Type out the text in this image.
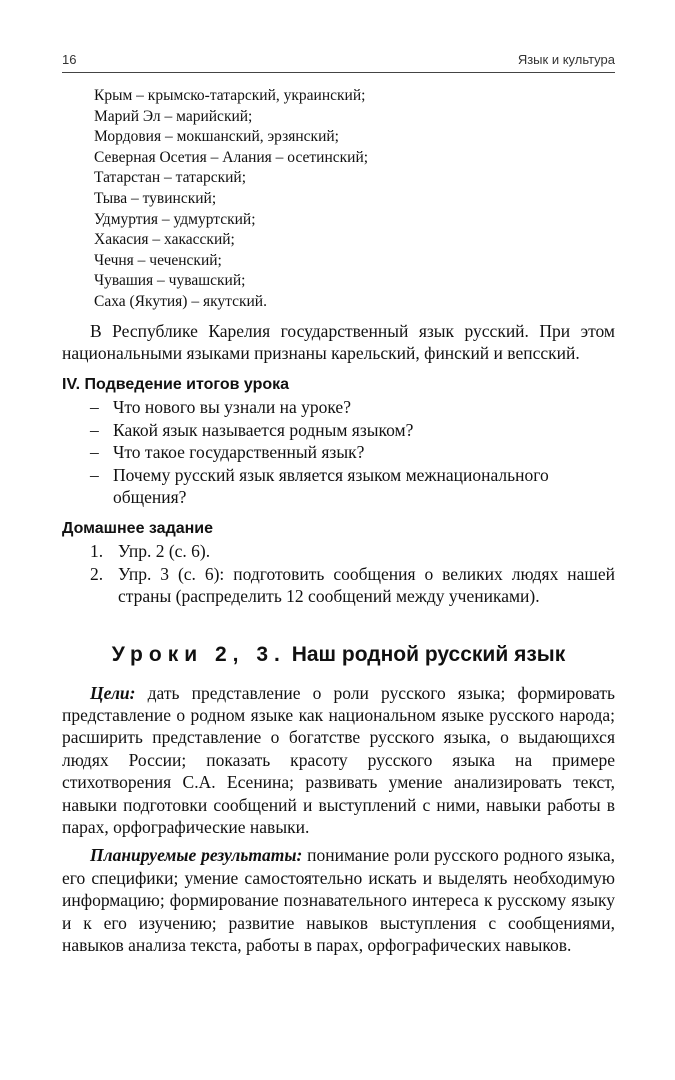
16	Язык и культура
Крым – крымско-татарский, украинский;
Марий Эл – марийский;
Мордовия – мокшанский, эрзянский;
Северная Осетия – Алания – осетинский;
Татарстан – татарский;
Тыва – тувинский;
Удмуртия – удмуртский;
Хакасия – хакасский;
Чечня – чеченский;
Чувашия – чувашский;
Саха (Якутия) – якутский.

В Республике Карелия государственный язык русский. При этом национальными языками признаны карельский, финский и вепсский.

IV. Подведение итогов урока
– Что нового вы узнали на уроке?
– Какой язык называется родным языком?
– Что такое государственный язык?
– Почему русский язык является языком межнационального общения?
Домашнее задание
1. Упр. 2 (с. 6).
2. Упр. 3 (с. 6): подготовить сообщения о великих людях нашей страны (распределить 12 сообщений между учениками).
Уроки 2, 3. Наш родной русский язык

Цели: дать представление о роли русского языка; формировать представление о родном языке как национальном языке русского народа; расширить представление о богатстве русского языка, о выдающихся людях России; показать красоту русского языка на примере стихотворения С.А. Есенина; развивать умение анализировать текст, навыки подготовки сообщений и выступлений с ними, навыки работы в парах, орфографические навыки.

Планируемые результаты: понимание роли русского родного языка, его специфики; умение самостоятельно искать и выделять необходимую информацию; формирование познавательного интереса к русскому языку и к его изучению; развитие навыков выступления с сообщениями, навыков анализа текста, работы в парах, орфографических навыков.
